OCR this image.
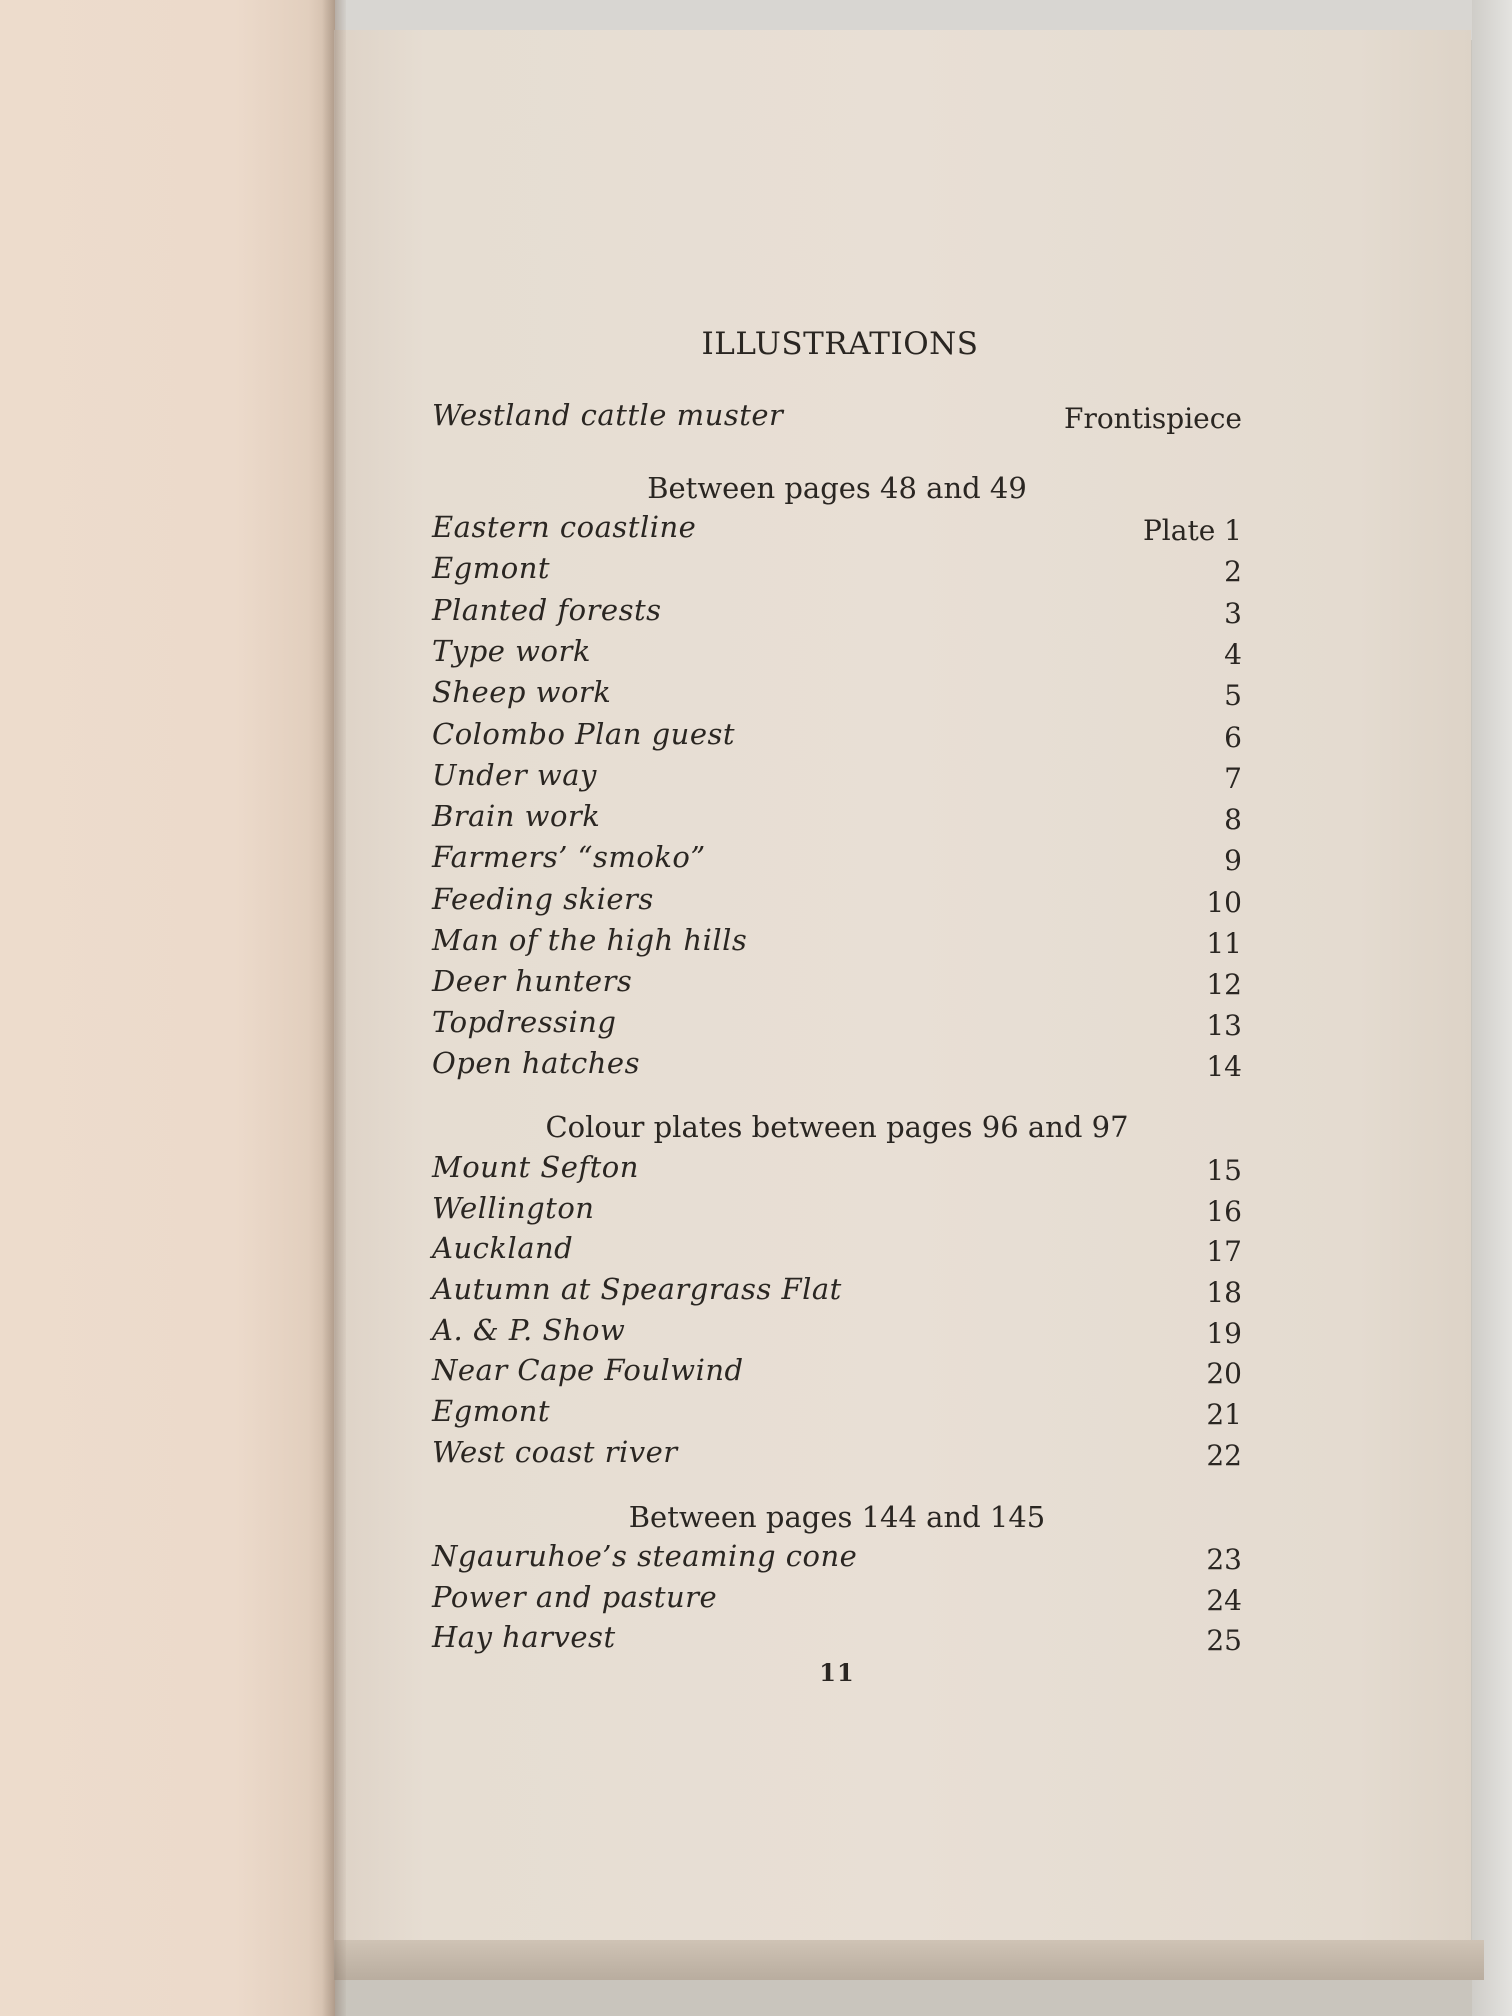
ILLUSTRATIONS
Westland cattle muster	Frontispiece
Between pages 48 and 49
Eastern coastline	Plate 1
Egmont	2
Planted forests	3
Type work	4
Sheep work	5
Colombo Plan guest	6
Under way	7
Brain work	8
Farmers’ “smoko”	9
Feeding skiers	10
Man of the high hills	11
Deer hunters	12
Topdressing	13
Open hatches	14
Colour plates between pages 96 and 97
Mount Sefton	15
Wellington	16
Auckland	17
Autumn at Speargrass Flat	18
A. & P. Show	19
Near Cape Foulwind	20
Egmont	21
West coast river	22
Between pages 144 and 145
Ngauruhoe’s steaming cone	23
Power and pasture	24
Hay harvest	25
11
